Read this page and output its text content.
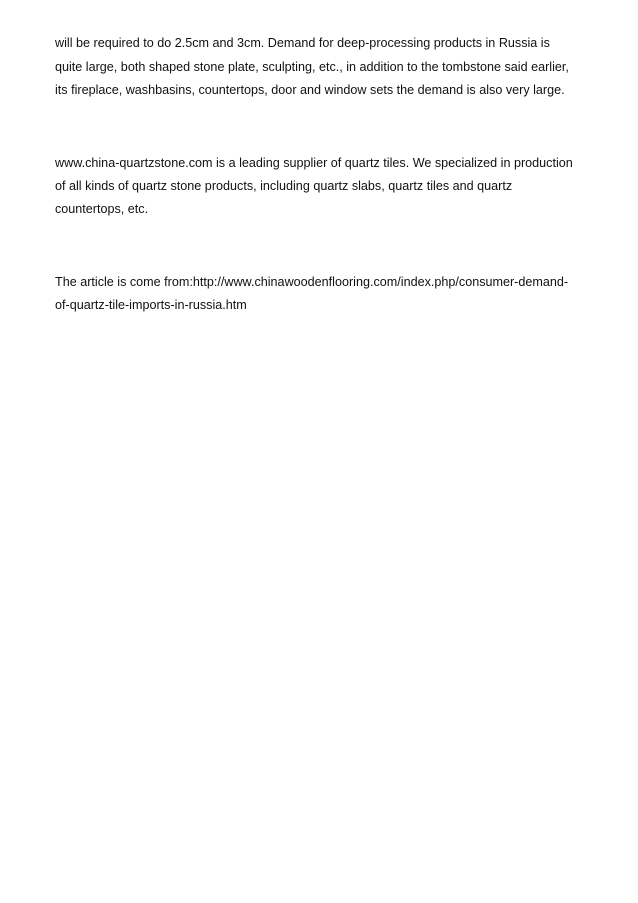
will be required to do 2.5cm and 3cm. Demand for deep-processing products in Russia is

quite large, both shaped stone plate, sculpting, etc., in addition to the tombstone said earlier,

its fireplace, washbasins, countertops, door and window sets the demand is also very large.

www.china-quartzstone.com is a leading supplier of quartz tiles. We specialized in production

of all kinds of quartz stone products, including quartz slabs, quartz tiles and quartz

countertops, etc.

The article is come from:http://www.chinawoodenflooring.com/index.php/consumer-demand-

of-quartz-tile-imports-in-russia.htm
